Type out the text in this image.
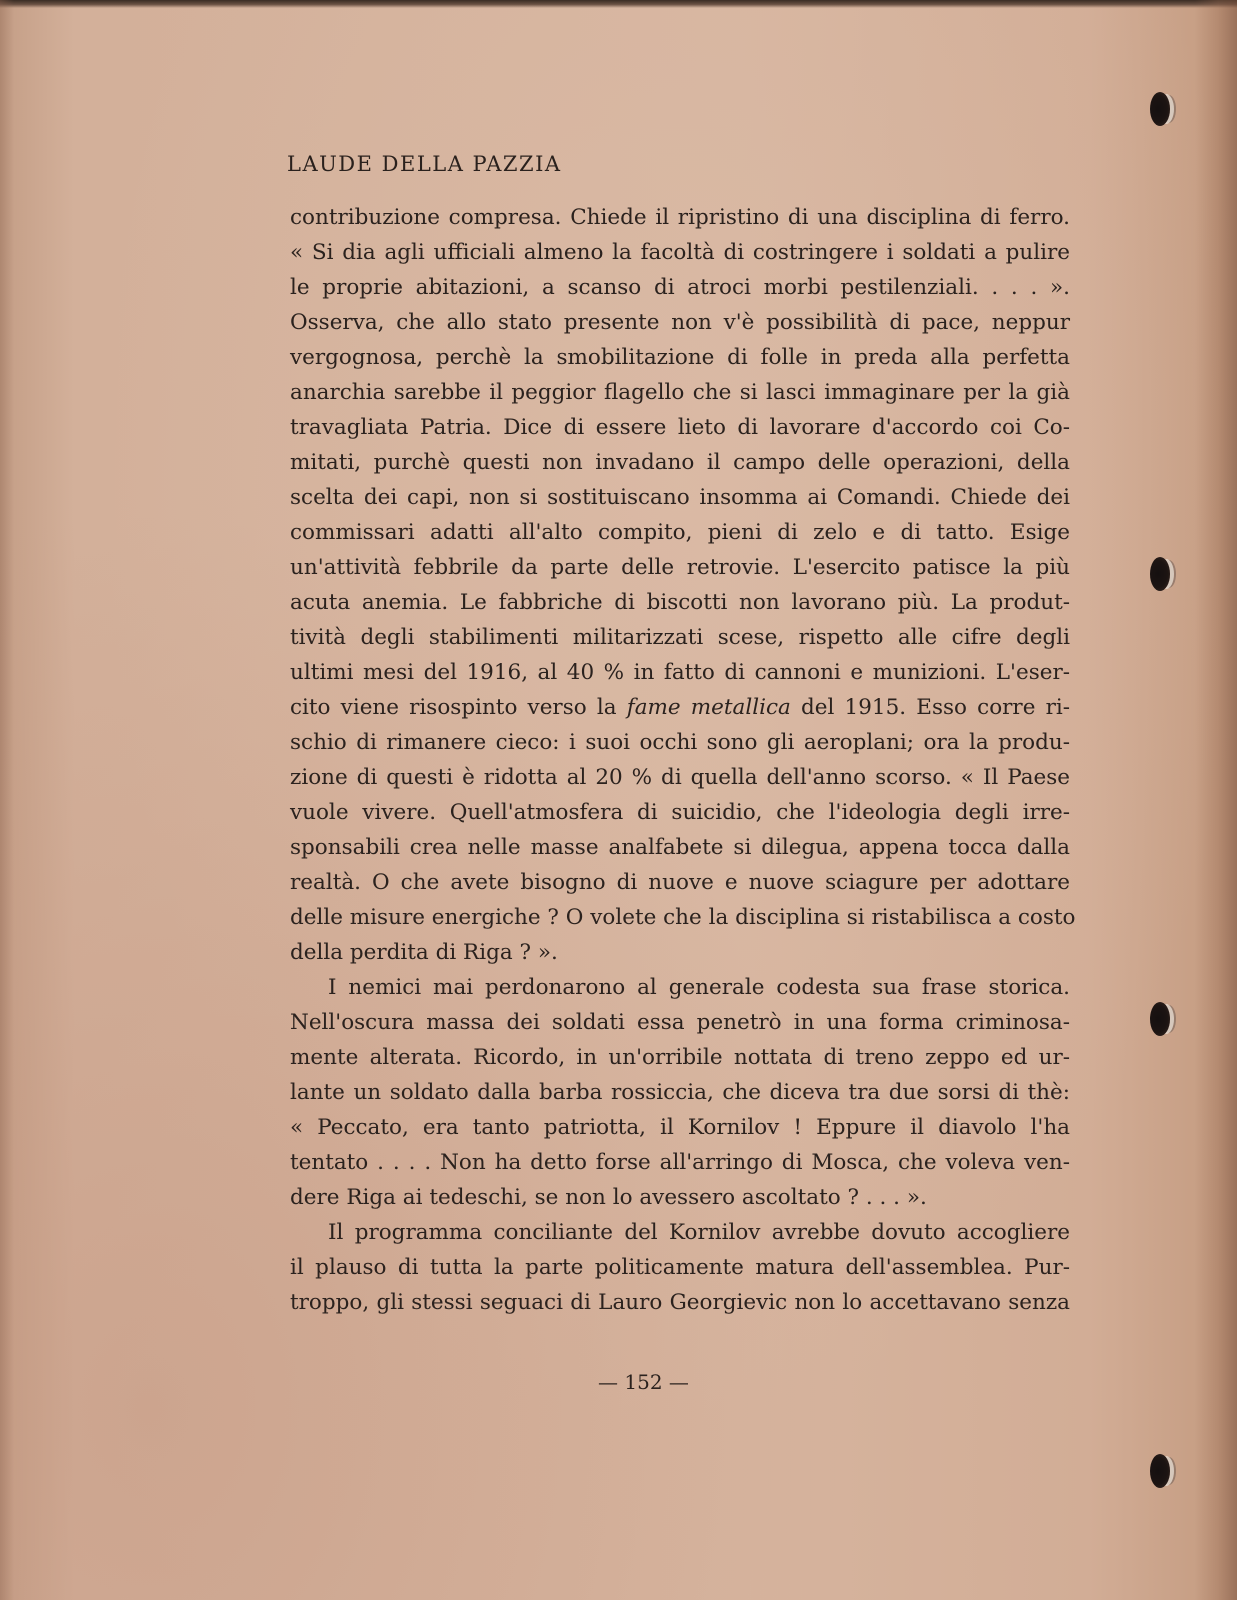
LAUDE DELLA PAZZIA
contribuzione compresa. Chiede il ripristino di una disciplina di ferro.
« Si dia agli ufficiali almeno la facoltà di costringere i soldati a pulire
le proprie abitazioni, a scanso di atroci morbi pestilenziali. . . . ».
Osserva, che allo stato presente non v'è possibilità di pace, neppur
vergognosa, perchè la smobilitazione di folle in preda alla perfetta
anarchia sarebbe il peggior flagello che si lasci immaginare per la già
travagliata Patria. Dice di essere lieto di lavorare d'accordo coi Co-
mitati, purchè questi non invadano il campo delle operazioni, della
scelta dei capi, non si sostituiscano insomma ai Comandi. Chiede dei
commissari adatti all'alto compito, pieni di zelo e di tatto. Esige
un'attività febbrile da parte delle retrovie. L'esercito patisce la più
acuta anemia. Le fabbriche di biscotti non lavorano più. La produt-
tività degli stabilimenti militarizzati scese, rispetto alle cifre degli
ultimi mesi del 1916, al 40 % in fatto di cannoni e munizioni. L'eser-
cito viene risospinto verso la fame metallica del 1915. Esso corre ri-
schio di rimanere cieco: i suoi occhi sono gli aeroplani; ora la produ-
zione di questi è ridotta al 20 % di quella dell'anno scorso. « Il Paese
vuole vivere. Quell'atmosfera di suicidio, che l'ideologia degli irre-
sponsabili crea nelle masse analfabete si dilegua, appena tocca dalla
realtà. O che avete bisogno di nuove e nuove sciagure per adottare
delle misure energiche ? O volete che la disciplina si ristabilisca a costo
della perdita di Riga ? ».
I nemici mai perdonarono al generale codesta sua frase storica.
Nell'oscura massa dei soldati essa penetrò in una forma criminosa-
mente alterata. Ricordo, in un'orribile nottata di treno zeppo ed ur-
lante un soldato dalla barba rossiccia, che diceva tra due sorsi di thè:
« Peccato, era tanto patriotta, il Kornilov ! Eppure il diavolo l'ha
tentato . . . . Non ha detto forse all'arringo di Mosca, che voleva ven-
dere Riga ai tedeschi, se non lo avessero ascoltato ? . . . ».
Il programma conciliante del Kornilov avrebbe dovuto accogliere
il plauso di tutta la parte politicamente matura dell'assemblea. Pur-
troppo, gli stessi seguaci di Lauro Georgievic non lo accettavano senza
— 152 —
